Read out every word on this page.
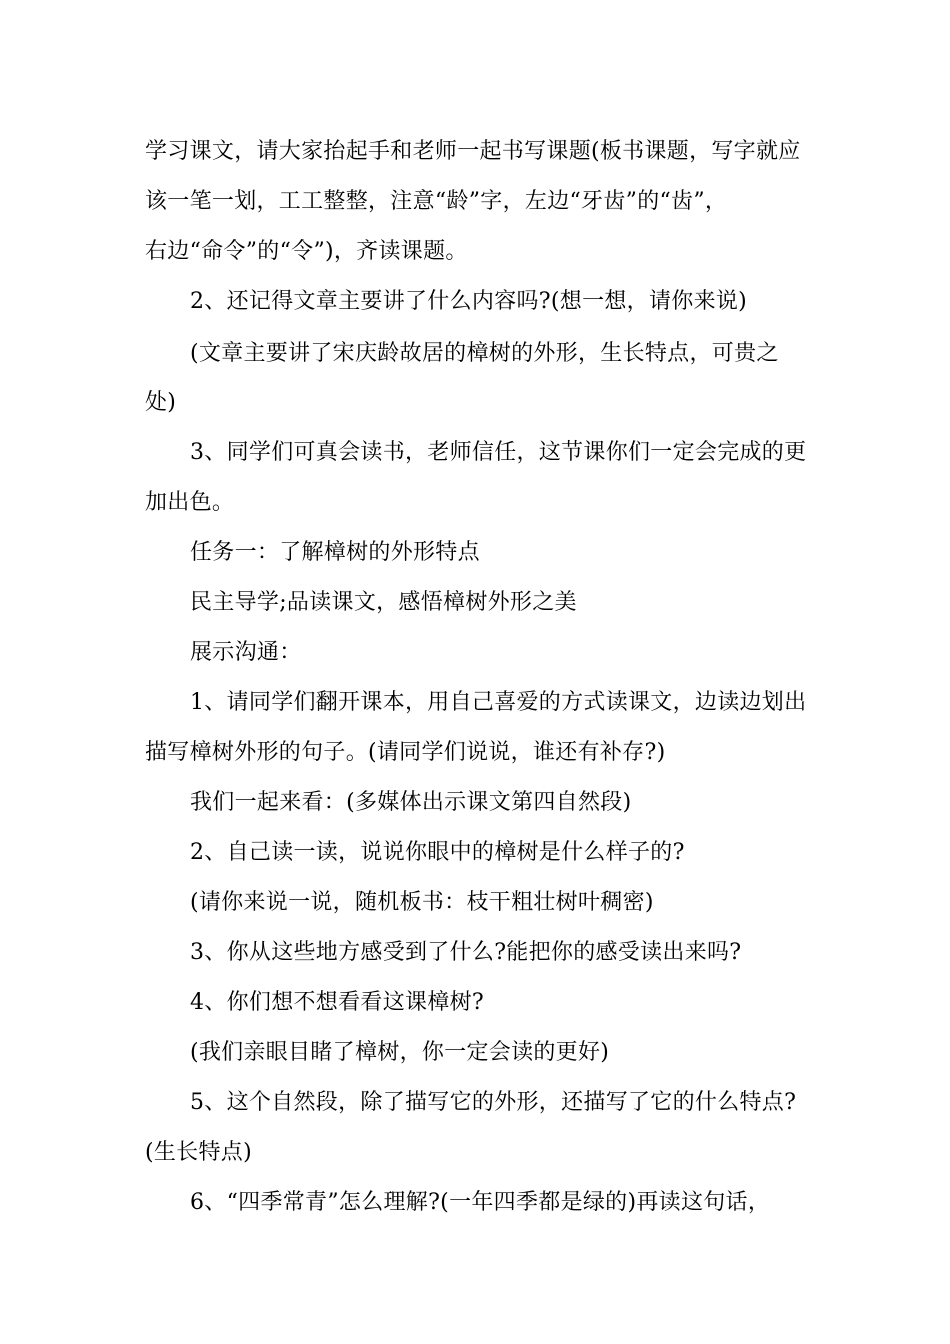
学习课文，请大家抬起手和老师一起书写课题(板书课题，写字就应
该一笔一划，工工整整，注意“龄”字，左边“牙齿”的“齿”，
右边“命令”的“令”)，齐读课题。
2、还记得文章主要讲了什么内容吗?(想一想，请你来说)
(文章主要讲了宋庆龄故居的樟树的外形，生长特点，可贵之
处)
3、同学们可真会读书，老师信任，这节课你们一定会完成的更
加出色。
任务一：了解樟树的外形特点
民主导学;品读课文，感悟樟树外形之美
展示沟通：
1、请同学们翻开课本，用自己喜爱的方式读课文，边读边划出
描写樟树外形的句子。(请同学们说说，谁还有补存?)
我们一起来看：(多媒体出示课文第四自然段)
2、自己读一读，说说你眼中的樟树是什么样子的?
(请你来说一说，随机板书：枝干粗壮树叶稠密)
3、你从这些地方感受到了什么?能把你的感受读出来吗?
4、你们想不想看看这课樟树?
(我们亲眼目睹了樟树，你一定会读的更好)
5、这个自然段，除了描写它的外形，还描写了它的什么特点?
(生长特点)
6、“四季常青”怎么理解?(一年四季都是绿的)再读这句话，
